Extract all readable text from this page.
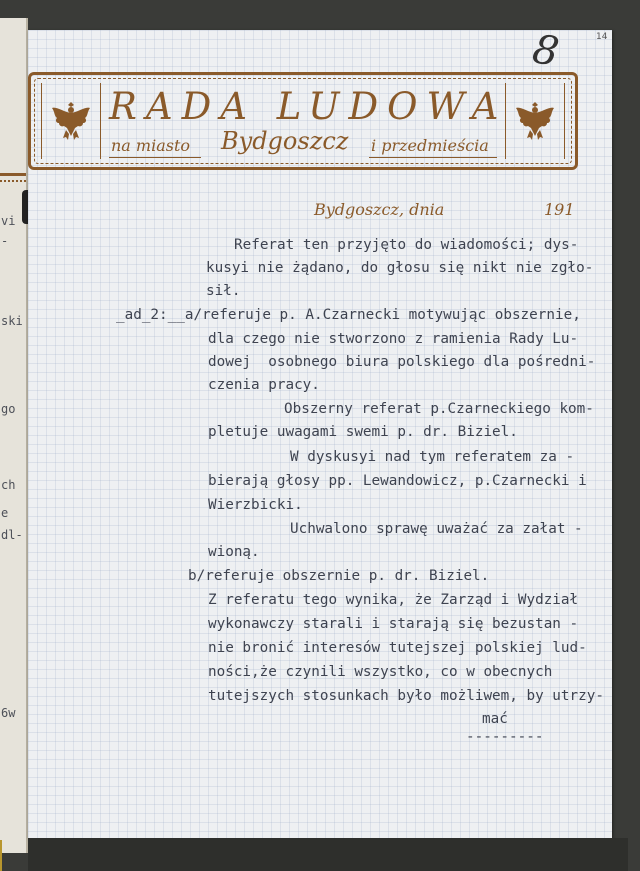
vi
-
ski
go
ch
e
dl-
6w
8	14
RADA LUDOWA
na miasto Bydgoszcz i przedmieścia
Bydgoszcz, dnia	191
Referat ten przyjęto do wiadomości; dys-
kusyi nie żądano, do głosu się nikt nie zgło-
sił.
_ad_2:__a/referuje p. A.Czarnecki motywując obszernie,
dla czego nie stworzono z ramienia Rady Lu-
dowej  osobnego biura polskiego dla pośredni-
czenia pracy.
Obszerny referat p.Czarneckiego kom-
pletuje uwagami swemi p. dr. Biziel.
W dyskusyi nad tym referatem za -
bierają głosy pp. Lewandowicz, p.Czarnecki i
Wierzbicki.
Uchwalono sprawę uważać za załat -
wioną.
b/referuje obszernie p. dr. Biziel.
Z referatu tego wynika, że Zarząd i Wydział
wykonawczy starali i starają się bezustan -
nie bronić interesów tutejszej polskiej lud-
ności,że czynili wszystko, co w obecnych
tutejszych stosunkach było możliwem, by utrzy-
mać
---------
